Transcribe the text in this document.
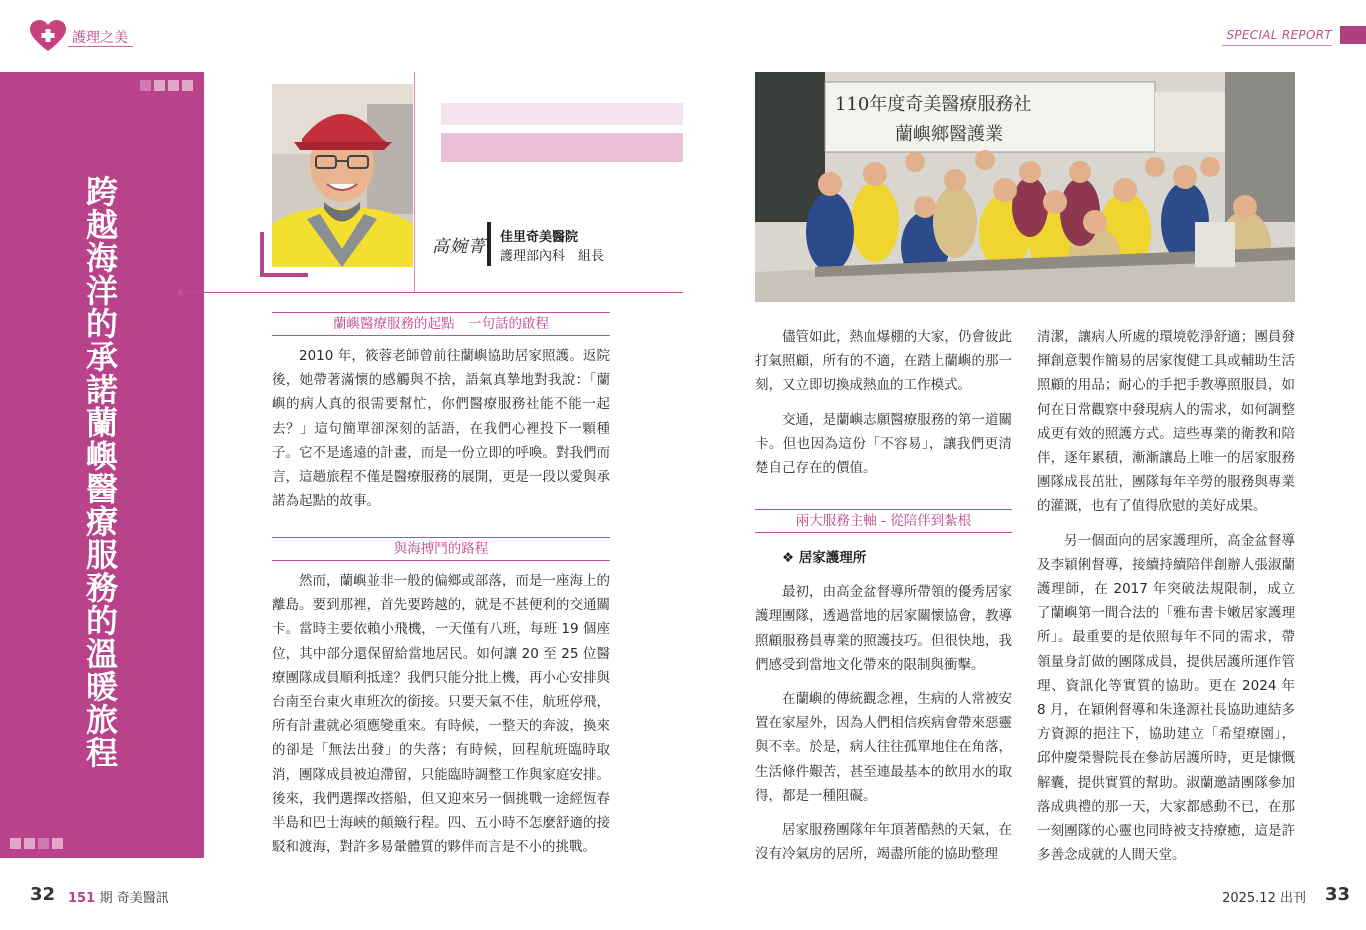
護理之美	SPECIAL REPORT
跨越海洋的承諾蘭嶼醫療服務的溫暖旅程	高婉菁 佳里奇美醫院
護理部內科　組長
蘭嶼醫療服務的起點　一句話的啟程

2010 年，筱蓉老師曾前往蘭嶼協助居家照護。返院後，她帶著滿懷的感觸與不捨，語氣真摯地對我說：「蘭嶼的病人真的很需要幫忙，你們醫療服務社能不能一起去？」這句簡單卻深刻的話語，在我們心裡投下一顆種子。它不是遙遠的計畫，而是一份立即的呼喚。對我們而言，這趟旅程不僅是醫療服務的展開，更是一段以愛與承諾為起點的故事。

與海搏鬥的路程

然而，蘭嶼並非一般的偏鄉或部落，而是一座海上的離島。要到那裡，首先要跨越的，就是不甚便利的交通關卡。當時主要依賴小飛機，一天僅有八班，每班 19 個座位，其中部分還保留給當地居民。如何讓 20 至 25 位醫療團隊成員順利抵達？我們只能分批上機，再小心安排與台南至台東火車班次的銜接。只要天氣不佳，航班停飛，所有計畫就必須應變重來。有時候，一整天的奔波，換來的卻是「無法出發」的失落；有時候，回程航班臨時取消，團隊成員被迫滯留，只能臨時調整工作與家庭安排。後來，我們選擇改搭船，但又迎來另一個挑戰一途經恆春半島和巴士海峽的顛簸行程。四、五小時不怎麼舒適的接駁和渡海，對許多易暈體質的夥伴而言是不小的挑戰。

110年度奇美醫療服務社
蘭嶼鄉醫護業

儘管如此，熱血爆棚的大家，仍會彼此打氣照顧，所有的不適，在踏上蘭嶼的那一刻，又立即切換成熱血的工作模式。

交通，是蘭嶼志願醫療服務的第一道關卡。但也因為這份「不容易」，讓我們更清楚自己存在的價值。

兩大服務主軸 - 從陪伴到紮根

❖ 居家護理所

最初，由高金盆督導所帶領的優秀居家護理團隊，透過當地的居家關懷協會，教導照顧服務員專業的照護技巧。但很快地，我們感受到當地文化帶來的限制與衝擊。

在蘭嶼的傳統觀念裡，生病的人常被安置在家屋外，因為人們相信疾病會帶來惡靈與不幸。於是，病人往往孤單地住在角落，生活條件艱苦，甚至連最基本的飲用水的取得，都是一種阻礙。

居家服務團隊年年頂著酷熱的天氣，在沒有冷氣房的居所，竭盡所能的協助整理

清潔，讓病人所處的環境乾淨舒適；團員發揮創意製作簡易的居家復健工具或輔助生活照顧的用品；耐心的手把手教導照服員，如何在日常觀察中發現病人的需求，如何調整成更有效的照護方式。這些專業的衛教和陪伴，逐年累積，漸漸讓島上唯一的居家服務團隊成長茁壯，團隊每年辛勞的服務與專業的灌溉，也有了值得欣慰的美好成果。

另一個面向的居家護理所，高金盆督導及李穎俐督導，接續持續陪伴創辦人張淑蘭護理師，在 2017 年突破法規限制，成立了蘭嶼第一間合法的「雅布書卡嫩居家護理所」。最重要的是依照每年不同的需求，帶領量身訂做的團隊成員，提供居護所運作管理、資訊化等實質的協助。更在 2024 年 8 月，在穎俐督導和朱逢源社長協助連結多方資源的挹注下，協助建立「希望療園」，邱仲慶榮譽院長在參訪居護所時，更是慷慨解囊，提供實質的幫助。淑蘭邀請團隊參加落成典禮的那一天，大家都感動不已，在那一刻團隊的心靈也同時被支持療癒，這是許多善念成就的人間天堂。

32 151 期 奇美醫訊	2025.12 出刊 33
